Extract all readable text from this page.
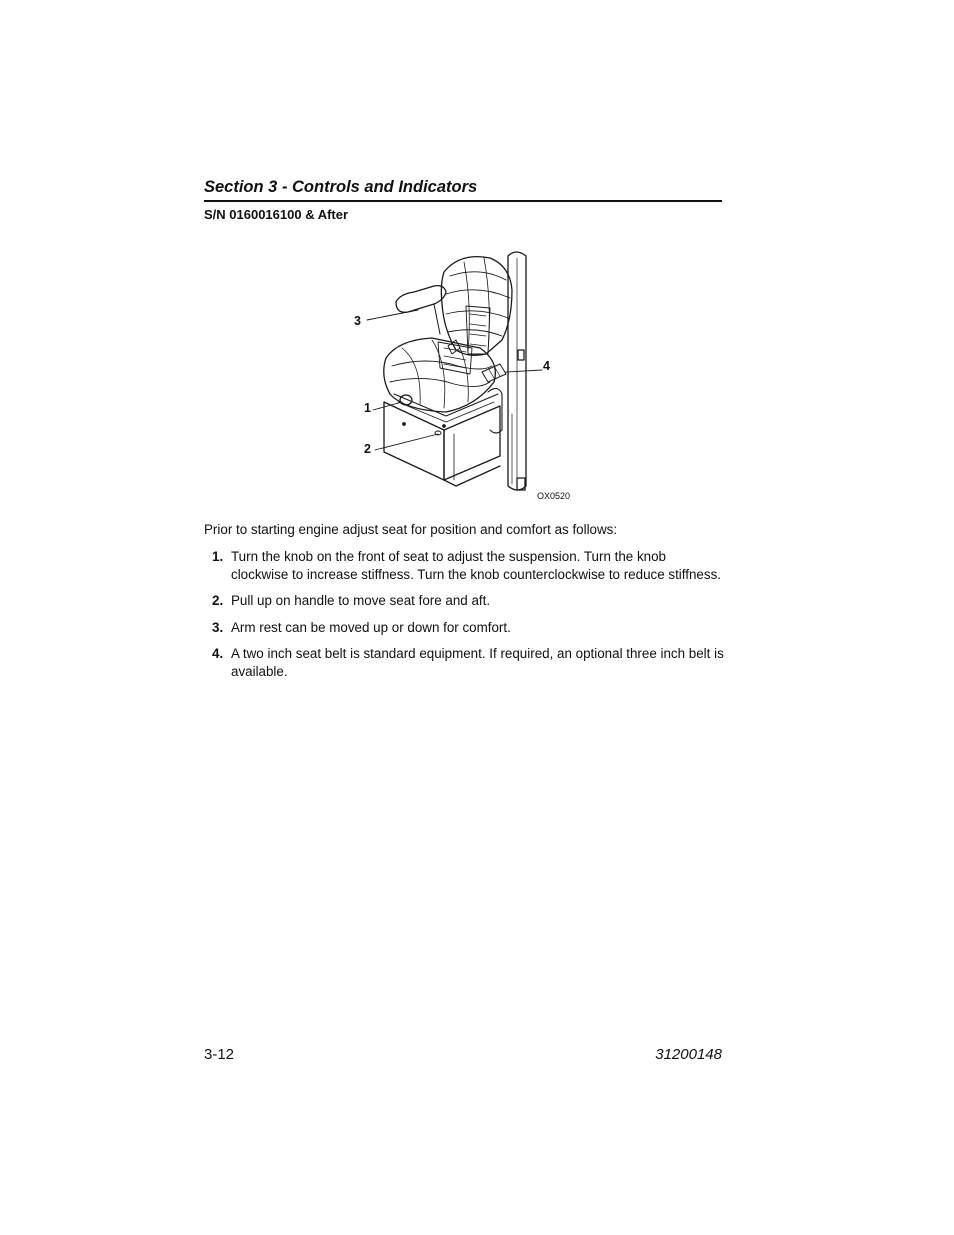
Section 3 - Controls and Indicators
S/N 0160016100 & After
3
4
1
2
OX0520

Prior to starting engine adjust seat for position and comfort as follows:

1. Turn the knob on the front of seat to adjust the suspension. Turn the knob clockwise to increase stiffness. Turn the knob counterclockwise to reduce stiffness.
2. Pull up on handle to move seat fore and aft.
3. Arm rest can be moved up or down for comfort.
4. A two inch seat belt is standard equipment. If required, an optional three inch belt is available.
3-12	31200148
